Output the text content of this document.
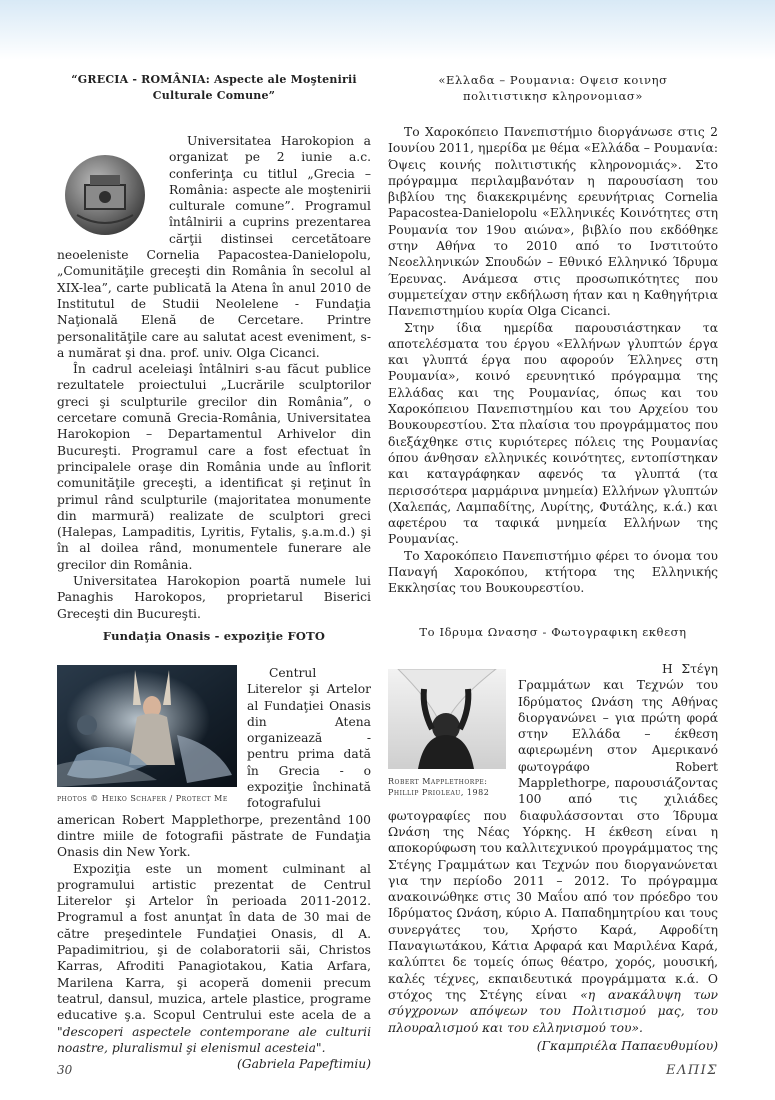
“GRECIA - ROMÂNIA: Aspecte ale Moştenirii
Culturale Comune”

Universitatea Harokopion a organizat pe 2 iunie a.c. conferinţa cu titlul „Grecia – România: aspecte ale moştenirii culturale comune”. Programul întâlnirii a cuprins prezentarea cărţii distinsei cercetătoare neoeleniste Cornelia Papacostea-Danielopolu, „Comunităţile greceşti din România în secolul al XIX-lea”, carte publicată la Atena în anul 2010 de Institutul de Studii Neolelene - Fundaţia Naţională Elenă de Cercetare. Printre personalităţile care au salutat acest eveniment, s-a numărat şi dna. prof. univ. Olga Cicanci.

În cadrul aceleiaşi întâlniri s-au făcut publice rezultatele proiectului „Lucrările sculptorilor greci şi sculpturile grecilor din România”, o cercetare comună Grecia-România, Universitatea Harokopion – Departamentul Arhivelor din Bucureşti. Programul care a fost efectuat în principalele oraşe din România unde au înflorit comunităţile greceşti, a identificat şi reţinut în primul rând sculpturile (majoritatea monumente din marmură) realizate de sculptori greci (Halepas, Lampaditis, Lyritis, Fytalis, ş.a.m.d.) şi în al doilea rând, monumentele funerare ale grecilor din România.

Universitatea Harokopion poartă numele lui Panaghis Harokopos, proprietarul Biserici Greceşti din Bucureşti.

«Ελλαδα – Ρουμανια: Οψεισ κοινησ
πολιτιστικησ κληρονομιασ»

Το Χαροκόπειο Πανεπιστήμιο διοργάνωσε στις 2 Ιουνίου 2011, ημερίδα με θέμα «Ελλάδα – Ρουμανία: Όψεις κοινής πολιτιστικής κληρονομιάς». Στο πρόγραμμα περιλαμβανόταν η παρουσίαση του βιβλίου της διακεκριμένης ερευνήτριας Cornelia Papacostea-Danielopolu «Ελληνικές Κοινότητες στη Ρουμανία τον 19ου αιώνα», βιβλίο που εκδόθηκε στην Αθήνα το 2010 από το Ινστιτούτο Νεοελληνικών Σπουδών – Εθνικό Ελληνικό Ίδρυμα Έρευνας. Ανάμεσα στις προσωπικότητες που συμμετείχαν στην εκδήλωση ήταν και η Καθηγήτρια Πανεπιστημίου κυρία Olga Cicanci.

Στην ίδια ημερίδα παρουσιάστηκαν τα αποτελέσματα του έργου «Ελλήνων γλυπτών έργα και γλυπτά έργα που αφορούν Έλληνες στη Ρουμανία», κοινό ερευνητικό πρόγραμμα της Ελλάδας και της Ρουμανίας, όπως και του Χαροκόπειου Πανεπιστημίου και του Αρχείου του Βουκουρεστίου. Στα πλαίσια του προγράμματος που διεξάχθηκε στις κυριότερες πόλεις της Ρουμανίας όπου άνθησαν ελληνικές κοινότητες, εντοπίστηκαν και καταγράφηκαν αφενός τα γλυπτά (τα περισσότερα μαρμάρινα μνημεία) Ελλήνων γλυπτών (Χαλεπάς, Λαμπαδίτης, Λυρίτης, Φυτάλης, κ.ά.) και αφετέρου τα ταφικά μνημεία Ελλήνων της Ρουμανίας.

Το Χαροκόπειο Πανεπιστήμιο φέρει το όνομα του Παναγή Χαροκόπου, κτήτορα της Ελληνικής Εκκλησίας του Βουκουρεστίου.

Fundaţia Onasis - expoziţie FOTO
photos © Heiko Schafer / Protect Me

Centrul Literelor şi Artelor al Fundaţiei Onasis din Atena organizează - pentru prima dată în Grecia - o expoziţie închinată fotografului american Robert Mapplethorpe, prezentând 100 dintre miile de fotografii păstrate de Fundaţia Onasis din New York.

Expoziţia este un moment culminant al programului artistic prezentat de Centrul Literelor şi Artelor în perioada 2011-2012. Programul a fost anunţat în data de 30 mai de către preşedintele Fundaţiei Onasis, dl A. Papadimitriou, şi de colaboratorii săi, Christos Karras, Afroditi Panagiotakou, Katia Arfara, Marilena Karra, şi acoperă domenii precum teatrul, dansul, muzica, artele plastice, programe educative ş.a. Scopul Centrului este acela de a "descoperi aspectele contemporane ale culturii noastre, pluralismul şi elenismul acesteia".

(Gabriela Papeftimiu)

Το Ιδρυμα Ωνασησ - Φωτογραφικη εκθεση
Robert Mapplethorpe:
Phillip Prioleau, 1982

Η Στέγη Γραμμάτων και Τεχνών του Ιδρύματος Ωνάση της Αθήνας διοργανώνει – για πρώτη φορά στην Ελλάδα – έκθεση αφιερωμένη στον Αμερικανό φωτογράφο Robert Mapplethorpe, παρουσιάζοντας 100 από τις χιλιάδες φωτογραφίες που διαφυλάσσονται στο Ίδρυμα Ωνάση της Νέας Υόρκης. Η έκθεση είναι η αποκορύφωση του καλλιτεχνικού προγράμματος της Στέγης Γραμμάτων και Τεχνών που διοργανώνεται για την περίοδο 2011 – 2012. Το πρόγραμμα ανακοινώθηκε στις 30 Μαΐου από τον πρόεδρο του Ιδρύματος Ωνάση, κύριο Α. Παπαδημητρίου και τους συνεργάτες του, Χρήστο Καρά, Αφροδίτη Παναγιωτάκου, Κάτια Αρφαρά και Μαριλένα Καρά, καλύπτει δε τομείς όπως θέατρο, χορός, μουσική, καλές τέχνες, εκπαιδευτικά προγράμματα κ.ά. Ο στόχος της Στέγης είναι «η ανακάλυψη των σύγχρονων απόψεων του Πολιτισμού μας, του πλουραλισμού και του ελληνισμού του».

(Γκαμπριέλα Παπαευθυμίου)

30	ΕΛΠΙΣ
